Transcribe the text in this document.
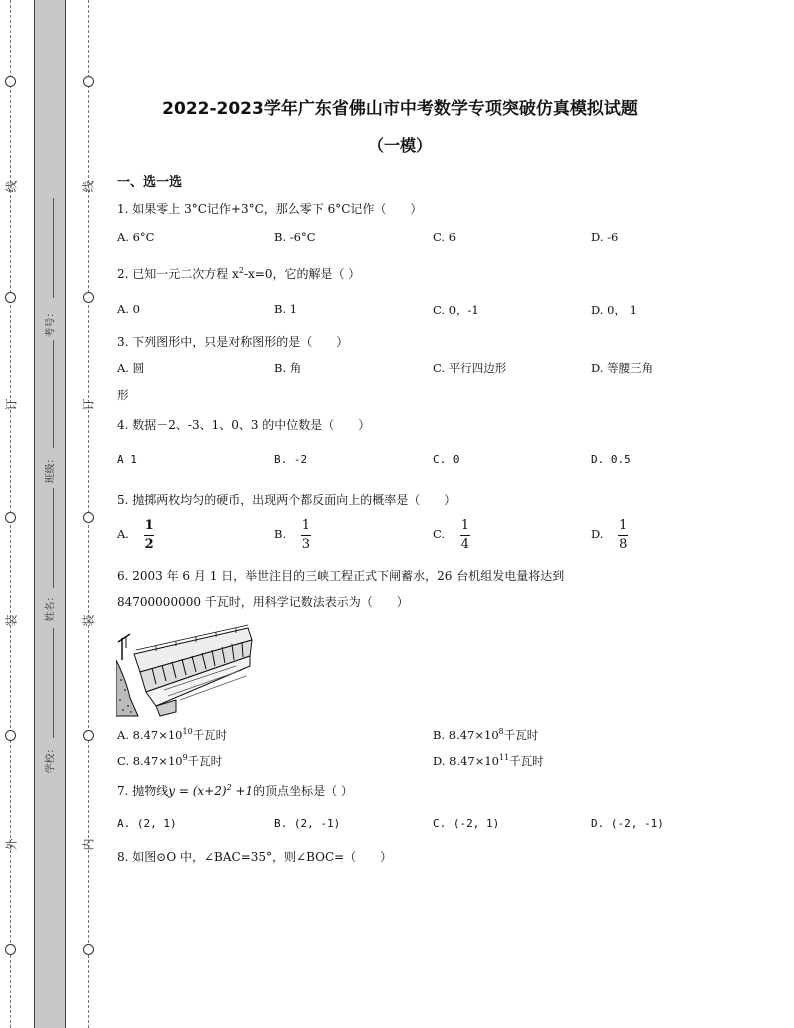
线
订
装
外
线
订
装
内
考号：
班级：
姓名：
学校：
2022-2023学年广东省佛山市中考数学专项突破仿真模拟试题
（一模）
一、选一选
1. 如果零上 3°C记作+3°C，那么零下 6°C记作（　　）
A. 6°C	B. -6°C	C. 6	D. -6
2. 已知一元二次方程 $x^2-x=0$，它的解是（ ）
A. 0	B. 1	C. 0，-1	D. 0， 1
3. 下列图形中，只是对称图形的是（　　）
A. 圆	B. 角	C. 平行四边形	D. 等腰三角
形
4. 数据－2、-3、1、0、3 的中位数是（　　）
A 1	B. -2	C. 0	D. 0.5
5. 抛掷两枚均匀的硬币，出现两个都反面向上的概率是（　　）
A. $\frac{1}{2}$	B. $\frac{1}{3}$	C. $\frac{1}{4}$	D. $\frac{1}{8}$
6. 2003 年 6 月 1 日，举世注目的三峡工程正式下闸蓄水，26 台机组发电量将达到
84700000000 千瓦时，用科学记数法表示为（　　）
A. $8.47\times 10^{10}$千瓦时	B. $8.47\times 10^8$千瓦时
C. $8.47\times 10^9$千瓦时	D. $8.47\times 10^{11}$千瓦时
7. 抛物线$y = (x+2)^2 +1$的顶点坐标是（ ）
A. (2, 1)	B. (2, -1)	C. (-2, 1)	D. (-2, -1)
8. 如图⊙O 中，∠BAC=35°，则∠BOC=（　　）
